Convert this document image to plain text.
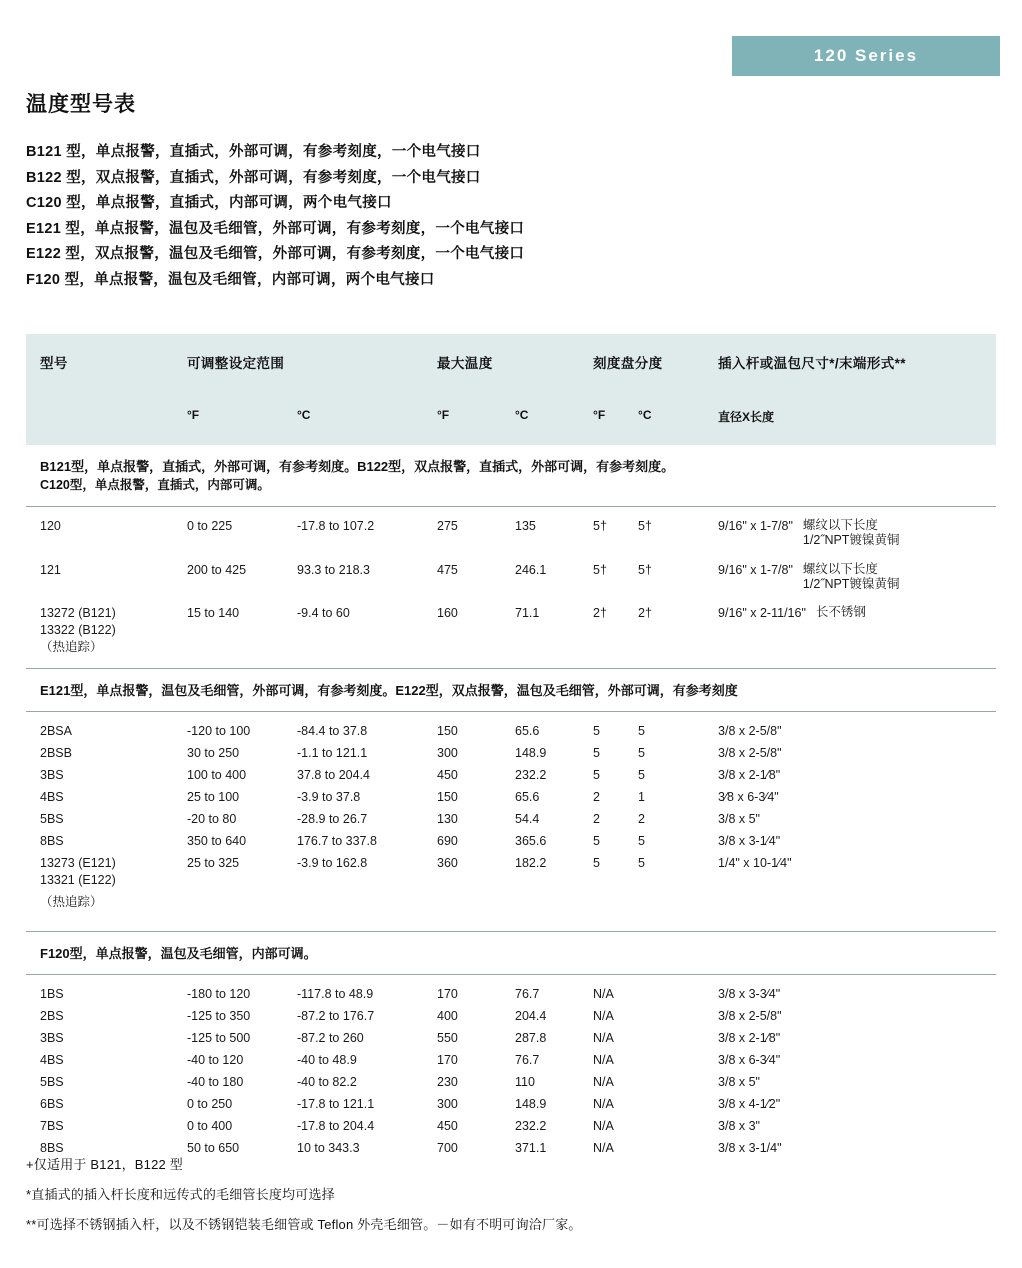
120 Series
温度型号表
B121 型，单点报警，直插式，外部可调，有参考刻度，一个电气接口
B122 型，双点报警，直插式，外部可调，有参考刻度，一个电气接口
C120 型，单点报警，直插式，内部可调，两个电气接口
E121 型，单点报警，温包及毛细管，外部可调，有参考刻度，一个电气接口
E122 型，双点报警，温包及毛细管，外部可调，有参考刻度，一个电气接口
F120 型，单点报警，温包及毛细管，内部可调，两个电气接口
型号	可调整设定范围		最大温度		刻度盘分度		插入杆或温包尺寸*/末端形式**

	°F	°C	°F	°C	°F	°C	直径X长度
B121型，单点报警，直插式，外部可调，有参考刻度。B122型，双点报警，直插式，外部可调，有参考刻度。
C120型，单点报警，直插式，内部可调。							

120	0 to 225	-17.8 to 107.2	275	135	5†	5†	9/16" x 1-7/8" 螺纹以下长度
1/2˝NPT镀镍黄铜

121	200 to 425	93.3 to 218.3	475	246.1	5†	5†	9/16" x 1-7/8" 螺纹以下长度
1/2˝NPT镀镍黄铜

13272 (B121)
13322 (B122)
（热追踪）	15 to 140	-9.4 to 60	160	71.1	2†	2†	9/16" x 2-11/16" 长不锈钢

E121型，单点报警，温包及毛细管，外部可调，有参考刻度。E122型，双点报警，温包及毛细管，外部可调，有参考刻度							
2BSA	-120 to 100	-84.4 to 37.8	150	65.6	5	5	3/8 x 2-5/8"
2BSB	30 to 250	-1.1 to 121.1	300	148.9	5	5	3/8 x 2-5/8"
3BS	100 to 400	37.8 to 204.4	450	232.2	5	5	3/8 x 2-1⁄8"
4BS	25 to 100	-3.9 to 37.8	150	65.6	2	1	3⁄8 x 6-3⁄4"
5BS	-20 to 80	-28.9 to 26.7	130	54.4	2	2	3/8 x 5"
8BS	350 to 640	176.7 to 337.8	690	365.6	5	5	3/8 x 3-1⁄4"
13273 (E121)
13321 (E122)	25 to 325	-3.9 to 162.8	360	182.2	5	5	1/4" x 10-1⁄4"
（热追踪）							

F120型，单点报警，温包及毛细管，内部可调。							
1BS	-180 to 120	-117.8 to 48.9	170	76.7	N/A		3/8 x 3-3⁄4"
2BS	-125 to 350	-87.2 to 176.7	400	204.4	N/A		3/8 x 2-5/8"
3BS	-125 to 500	-87.2 to 260	550	287.8	N/A		3/8 x 2-1⁄8"
4BS	-40 to 120	-40 to 48.9	170	76.7	N/A		3/8 x 6-3⁄4"
5BS	-40 to 180	-40 to 82.2	230	110	N/A		3/8 x 5"
6BS	0 to 250	-17.8 to 121.1	300	148.9	N/A		3/8 x 4-1⁄2"
7BS	0 to 400	-17.8 to 204.4	450	232.2	N/A		3/8 x 3"
8BS	50 to 650	10 to 343.3	700	371.1	N/A		3/8 x 3-1/4"
+仅适用于 B121，B122 型
*直插式的插入杆长度和远传式的毛细管长度均可选择
**可选择不锈钢插入杆，以及不锈钢铠装毛细管或 Teflon 外壳毛细管。－如有不明可询洽厂家。
